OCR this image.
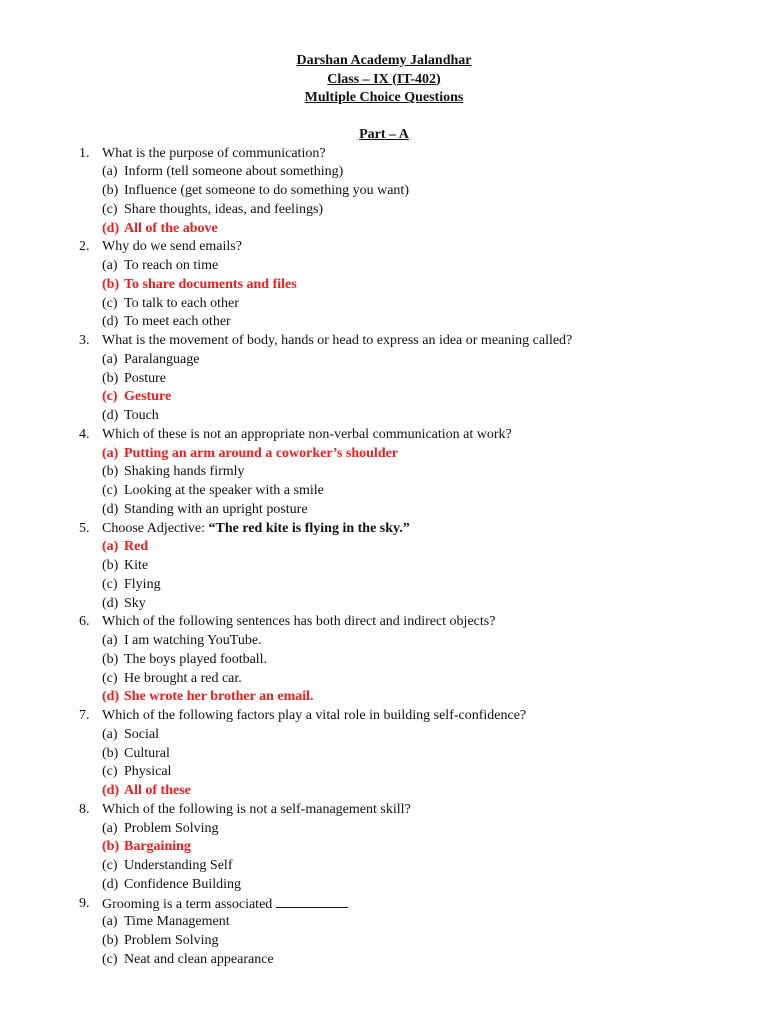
Darshan Academy Jalandhar
Class – IX (IT-402)
Multiple Choice Questions
Part – A
1. What is the purpose of communication?
(a) Inform (tell someone about something)
(b) Influence (get someone to do something you want)
(c) Share thoughts, ideas, and feelings)
(d) All of the above
2. Why do we send emails?
(a) To reach on time
(b) To share documents and files
(c) To talk to each other
(d) To meet each other
3. What is the movement of body, hands or head to express an idea or meaning called?
(a) Paralanguage
(b) Posture
(c) Gesture
(d) Touch
4. Which of these is not an appropriate non-verbal communication at work?
(a) Putting an arm around a coworker’s shoulder
(b) Shaking hands firmly
(c) Looking at the speaker with a smile
(d) Standing with an upright posture
5. Choose Adjective: “The red kite is flying in the sky.”
(a) Red
(b) Kite
(c) Flying
(d) Sky
6. Which of the following sentences has both direct and indirect objects?
(a) I am watching YouTube.
(b) The boys played football.
(c) He brought a red car.
(d) She wrote her brother an email.
7. Which of the following factors play a vital role in building self-confidence?
(a) Social
(b) Cultural
(c) Physical
(d) All of these
8. Which of the following is not a self-management skill?
(a) Problem Solving
(b) Bargaining
(c) Understanding Self
(d) Confidence Building
9. Grooming is a term associated
(a) Time Management
(b) Problem Solving
(c) Neat and clean appearance
